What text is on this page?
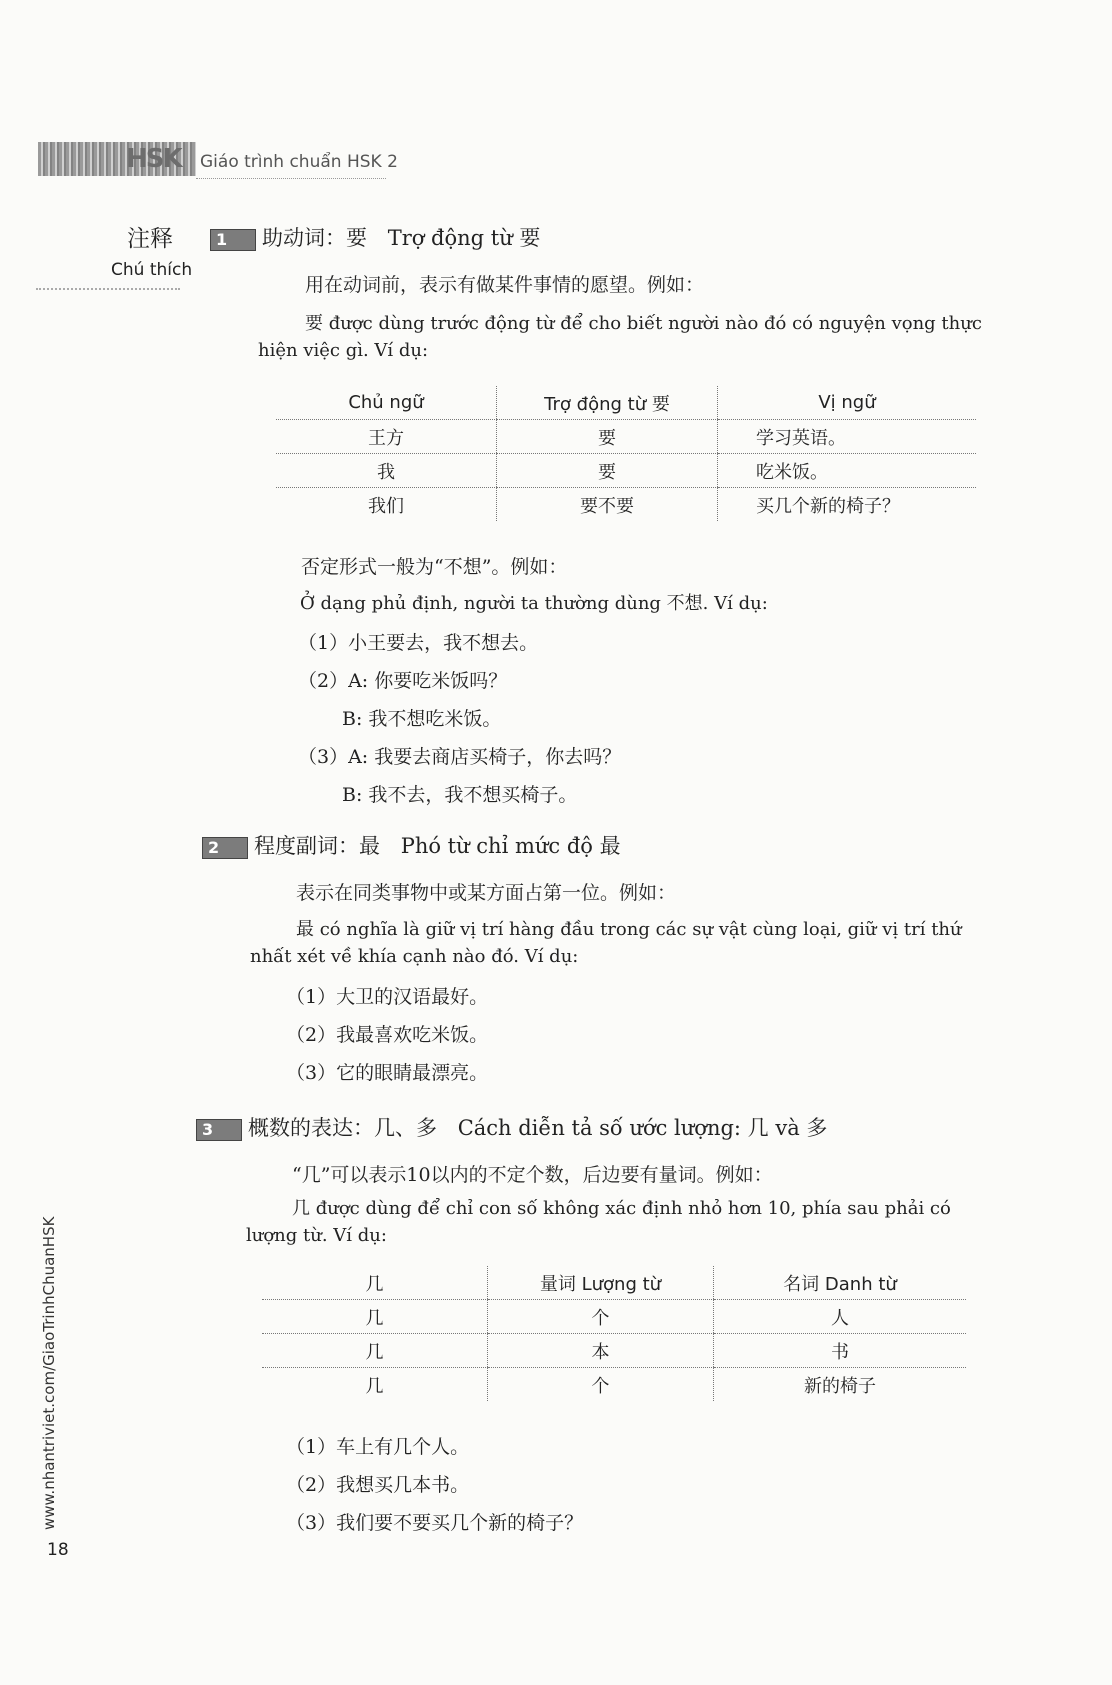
HSK Giáo trình chuẩn HSK 2
注释
Chú thích
1 助动词：要 Trợ động từ 要
用在动词前，表示有做某件事情的愿望。例如：
要 được dùng trước động từ để cho biết người nào đó có nguyện vọng thực hiện việc gì. Ví dụ:
Chủ ngữ	Trợ động từ 要	Vị ngữ
王方	要	学习英语。
我	要	吃米饭。
我们	要不要	买几个新的椅子？
否定形式一般为“不想”。例如：
Ở dạng phủ định, người ta thường dùng 不想. Ví dụ:
（1）小王要去，我不想去。
（2）A: 你要吃米饭吗？
B: 我不想吃米饭。
（3）A: 我要去商店买椅子，你去吗？
B: 我不去，我不想买椅子。
2 程度副词：最 Phó từ chỉ mức độ 最
表示在同类事物中或某方面占第一位。例如：
最 có nghĩa là giữ vị trí hàng đầu trong các sự vật cùng loại, giữ vị trí thứ nhất xét về khía cạnh nào đó. Ví dụ:
（1）大卫的汉语最好。
（2）我最喜欢吃米饭。
（3）它的眼睛最漂亮。
3 概数的表达：几、多 Cách diễn tả số ước lượng: 几 và 多
“几”可以表示10以内的不定个数，后边要有量词。例如：
几 được dùng để chỉ con số không xác định nhỏ hơn 10, phía sau phải có lượng từ. Ví dụ:
几	量词 Lượng từ	名词 Danh từ
几	个	人
几	本	书
几	个	新的椅子
（1）车上有几个人。
（2）我想买几本书。
（3）我们要不要买几个新的椅子？
www.nhantriviet.com/GiaoTrinhChuanHSK
18
